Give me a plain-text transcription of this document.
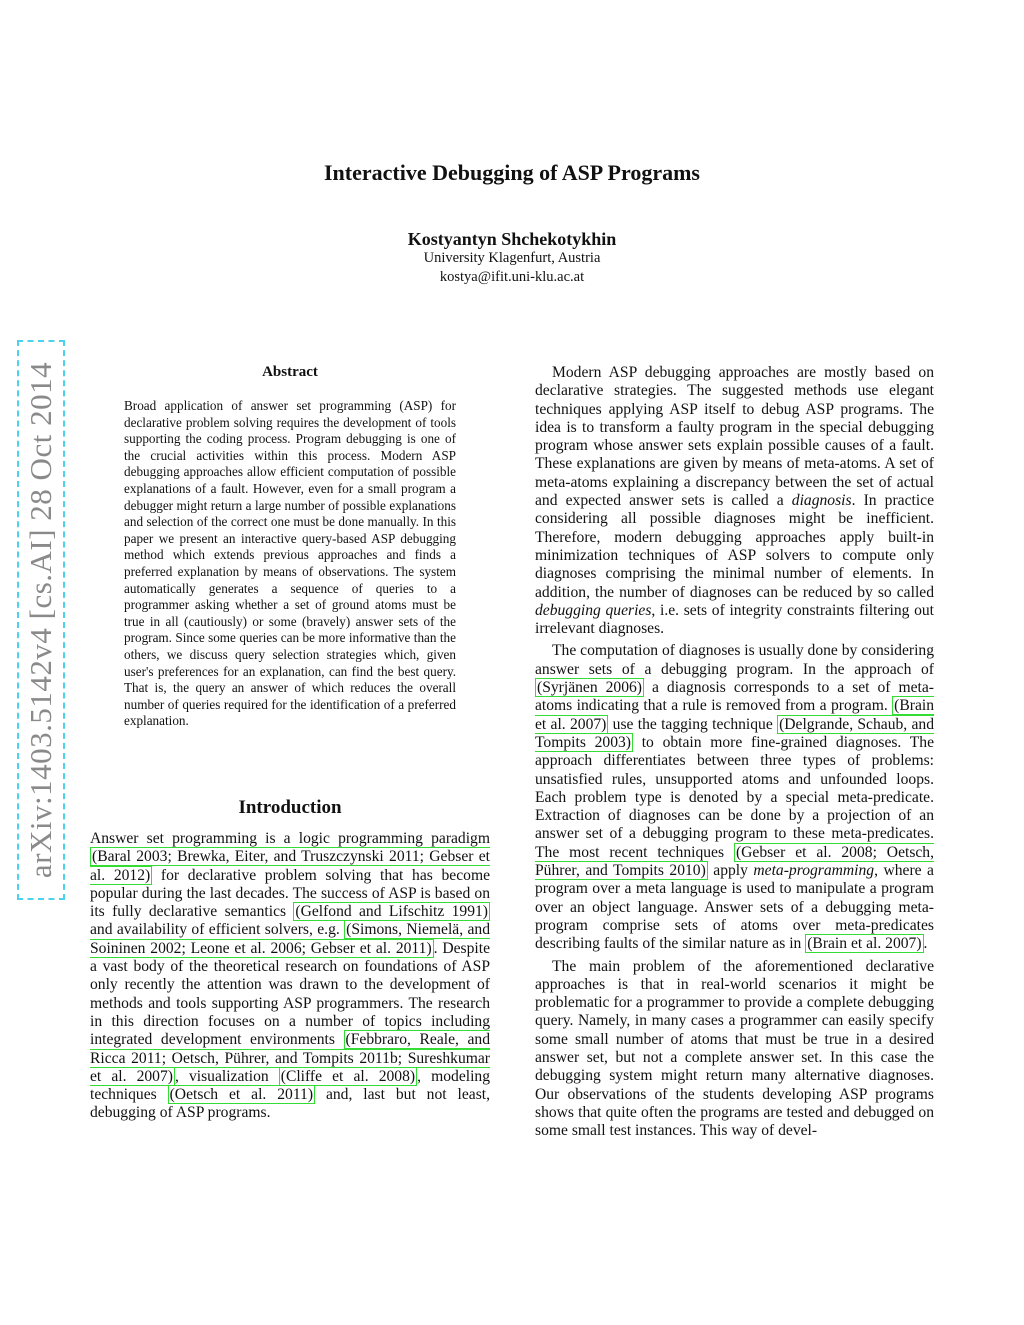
arXiv:1403.5142v4 [cs.AI] 28 Oct 2014
Interactive Debugging of ASP Programs
Kostyantyn Shchekotykhin
University Klagenfurt, Austria
kostya@ifit.uni-klu.ac.at
Abstract
Broad application of answer set programming (ASP) for declarative problem solving requires the development of tools supporting the coding process. Program debugging is one of the crucial activities within this process. Modern ASP debugging approaches allow efficient computation of possible explanations of a fault. However, even for a small program a debugger might return a large number of possible explanations and selection of the correct one must be done manually. In this paper we present an interactive query-based ASP debugging method which extends previous approaches and finds a preferred explanation by means of observations. The system automatically generates a sequence of queries to a programmer asking whether a set of ground atoms must be true in all (cautiously) or some (bravely) answer sets of the program. Since some queries can be more informative than the others, we discuss query selection strategies which, given user's preferences for an explanation, can find the best query. That is, the query an answer of which reduces the overall number of queries required for the identification of a preferred explanation.
Introduction

Answer set programming is a logic programming paradigm (Baral 2003; Brewka, Eiter, and Truszczynski 2011; Gebser et al. 2012) for declarative problem solving that has become popular during the last decades. The success of ASP is based on its fully declarative semantics (Gelfond and Lifschitz 1991) and availability of efficient solvers, e.g. (Simons, Niemelä, and Soininen 2002; Leone et al. 2006; Gebser et al. 2011) . Despite a vast body of the theoretical research on foundations of ASP only recently the attention was drawn to the development of methods and tools supporting ASP programmers. The research in this direction focuses on a number of topics including integrated development environments (Febbraro, Reale, and Ricca 2011; Oetsch, Pührer, and Tompits 2011b; Sureshkumar et al. 2007) , visualization (Cliffe et al. 2008) , modeling techniques (Oetsch et al. 2011) and, last but not least, debugging of ASP programs.

Modern ASP debugging approaches are mostly based on declarative strategies. The suggested methods use elegant techniques applying ASP itself to debug ASP programs. The idea is to transform a faulty program in the special debugging program whose answer sets explain possible causes of a fault. These explanations are given by means of meta-atoms. A set of meta-atoms explaining a discrepancy between the set of actual and expected answer sets is called a diagnosis. In practice considering all possible diagnoses might be inefficient. Therefore, modern debugging approaches apply built-in minimization techniques of ASP solvers to compute only diagnoses comprising the minimal number of elements. In addition, the number of diagnoses can be reduced by so called debugging queries, i.e. sets of integrity constraints filtering out irrelevant diagnoses.

The computation of diagnoses is usually done by considering answer sets of a debugging program. In the approach of (Syrjänen 2006) a diagnosis corresponds to a set of meta-atoms indicating that a rule is removed from a program. (Brain et al. 2007) use the tagging technique (Delgrande, Schaub, and Tompits 2003) to obtain more fine-grained diagnoses. The approach differentiates between three types of problems: unsatisfied rules, unsupported atoms and unfounded loops. Each problem type is denoted by a special meta-predicate. Extraction of diagnoses can be done by a projection of an answer set of a debugging program to these meta-predicates. The most recent techniques (Gebser et al. 2008; Oetsch, Pührer, and Tompits 2010) apply meta-programming, where a program over a meta language is used to manipulate a program over an object language. Answer sets of a debugging meta-program comprise sets of atoms over meta-predicates describing faults of the similar nature as in (Brain et al. 2007) .

The main problem of the aforementioned declarative approaches is that in real-world scenarios it might be problematic for a programmer to provide a complete debugging query. Namely, in many cases a programmer can easily specify some small number of atoms that must be true in a desired answer set, but not a complete answer set. In this case the debugging system might return many alternative diagnoses. Our observations of the students developing ASP programs shows that quite often the programs are tested and debugged on some small test instances. This way of devel-
